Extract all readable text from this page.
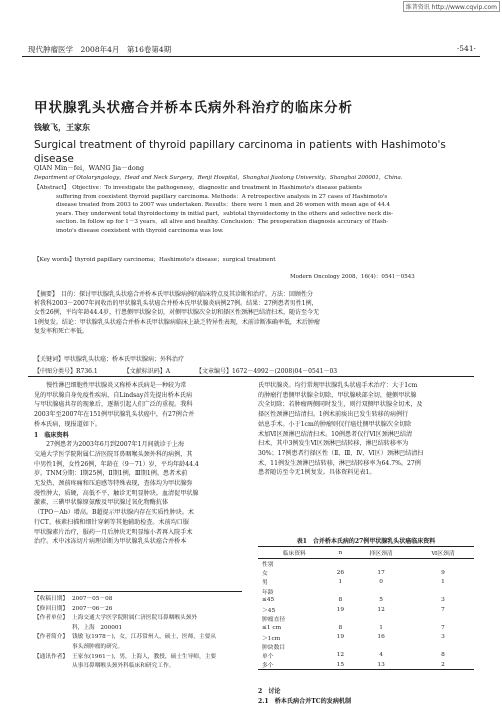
维普资讯 http://www.cqvip.com
现代肿瘤医学　2008年4月　第16卷第4期	·541·
甲状腺乳头状癌合并桥本氏病外科治疗的临床分析
钱敏飞，王家东
Surgical treatment of thyroid papillary carcinoma in patients with Hashimoto's disease
QIAN Min－fei，WANG Jia－dong
Department of Otolaryngology，Head and Neck Surgery，Renji Hospital，Shanghai Jiaotong University，Shanghai 200001，China.
【Abstract】　Objective：To investigate the pathogenesy，diagnostic and treatment in Hashimoto's disease patients
suffering from coexistent thyroid papillary carcinoma. Methods：A retrospective analysis in 27 cases of Hashimoto's
disease treated from 2003 to 2007 was undertaken. Results：there were 1 men and 26 women with mean age of 44.4
years. They underwent total thyroidectomy in initial part，subtotal thyroidectomy in the others and selective neck dis-
section. In follow up for 1－3 years，all alive and healthy. Conclusion：The preoperation diagnosis accuracy of Hash-
imoto's disease coexistent with thyroid carcinoma was low.
【Key words】thyroid papillary carcinoma；Hashimoto's disease；surgical treatment
Modern Oncology 2008，16(4)：0541－0543
【摘要】　目的：探讨甲状腺乳头状癌合并桥本氏甲状腺病例的临床特点及其诊断和治疗。方法：回顾性分
析我科2003－2007年间收治的甲状腺乳头状癌合并桥本氏甲状腺炎病例27例。结果：27例患者男性1例，
女性26例，平均年龄44.4岁，行患侧甲状腺全切，对侧甲状腺次全切和择区性颈淋巴结清扫术，随访至今无
1例复发。结论：甲状腺乳头状癌合并桥本氏甲状腺病临床上缺乏特异性表现，术前诊断准确率低，术后肿瘤
复发率和死亡率低。
【关键词】甲状腺乳头状癌；桥本氏甲状腺病；外科治疗
【中图分类号】R736.1	【文献标识码】A	【文章编号】1672－4992－(2008)04－0541－03
　　慢性淋巴细胞性甲状腺炎又称桥本氏病是一种较为常
见的甲状腺自身免疫性疾病，自Lindsay首先提出桥本氏病
与甲状腺癌共存的现象后，逐渐引起人们广泛的重视。我科
2003年至2007年在151例甲状腺乳头状癌中，有27例合并
桥本氏病，现报道如下。
1　临床资料
　　27例患者为2003年6月到2007年1月间就诊于上海
交通大学医学院附属仁济医院耳鼻咽喉头颈外科的病例，其
中男性1例，女性26例，年龄在（9－71）岁，平均年龄44.4
岁。TNM分期：Ⅰ期25例，Ⅱ期1例，Ⅲ期1例。患者术前
无发热，颈前疼痛和压迫感等特殊表现，查体均为甲状腺弥
漫性肿大，质硬，高低不平，触诊无明显肿块。血清促甲状腺
激素，三碘甲状腺原氨酸及甲状腺过氧化物酶抗体
（TPO－Ab）增高。B超提示甲状腺内存在实质性肿块。术
行CT、核素扫描和细针穿刺等其他辅助检查。术前均口服
甲状腺素片治疗，服药一月后肿块无明显缩小者再入院手术
治疗。术中冰冻切片病理诊断为甲状腺乳头状癌合并桥本
【收稿日期】 2007－05－08
【修回日期】 2007－06－26
【作者单位】 上海交通大学医学院附属仁济医院耳鼻咽喉头颈外
科，上海　200001
【作者简介】 钱敏飞(1978－)，女，江苏常州人，硕士，医师，主要从
事头颈肿瘤的研究。
【通讯作者】 王家东(1961－)，男，上海人，教授，硕士生导师，主要
从事耳鼻咽喉头颈外科临床和研究工作。
氏甲状腺炎。均行常规甲状腺乳头状癌手术治疗：大于1cm
的肿瘤行患侧甲状腺全切除，甲状腺峡部全切，健侧甲状腺
次全切除；若肿瘤两侧同时发生，则行双侧甲状腺全切术，及
择区性颈淋巴结清扫。1例术前痰出已发生转移的病例行
姑息手术。小于1cm的肿瘤则仅行癌灶侧甲状腺次全切除
术加Ⅵ区颈淋巴结清扫术。10例患者仅行Ⅵ区颈淋巴结清
扫术，其中3例发生Ⅵ区颈淋巴结转移，淋巴结转移率为
30%；17例患者行择区性（Ⅱ、Ⅲ、Ⅳ、Ⅵ区）颈淋巴结清扫
术，11例发生颈淋巴结转移，淋巴结转移率为64.7%。27例
患者随访至今无1例复发。具体资料见表1。
表1　合并桥本氏病的27例甲状腺乳头状癌临床资料
临床资料	n	择区颈清	Ⅵ区颈清
性别			
女	26	17	9
男	1	0	1
年龄			
≤45	8	5	3
＞45	19	12	7
肿瘤直径			
≤1 cm	8	1	7
＞1cm	19	16	3
肿块数目			
单个	12	4	8
多个	15	13	2
2　讨论
2.1　桥本氏病合并TC的发病机制
